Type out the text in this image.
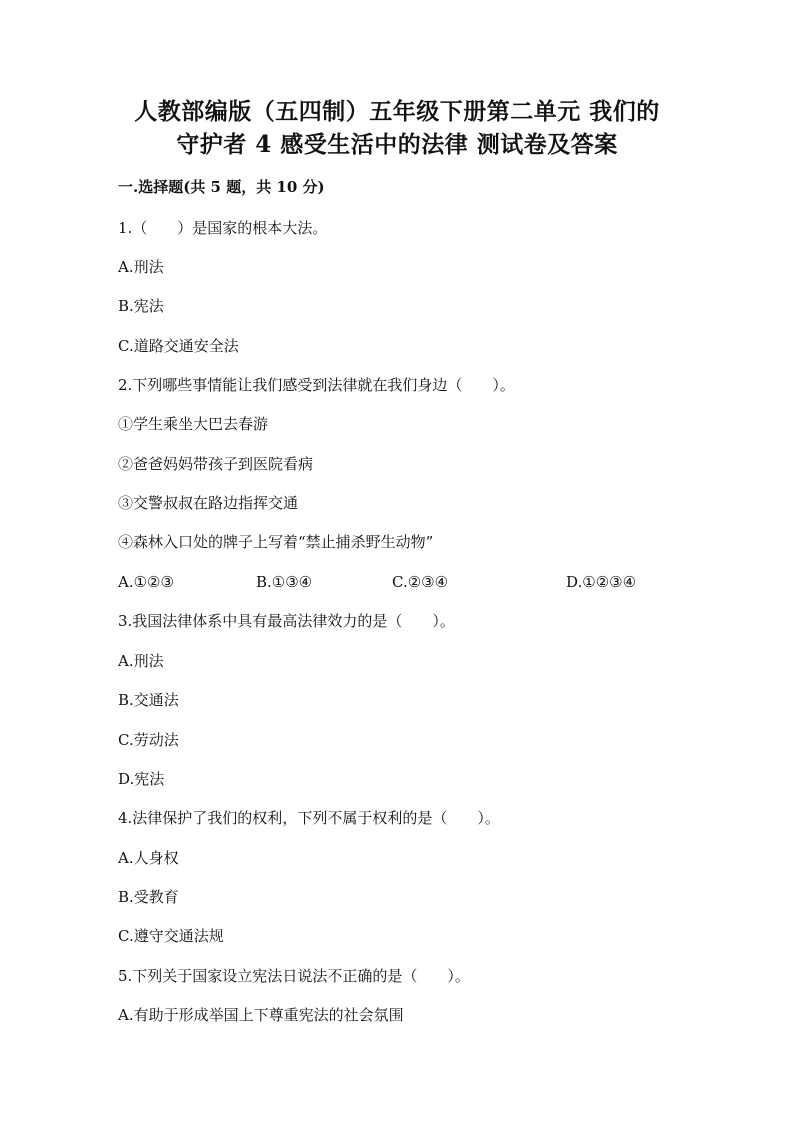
人教部编版（五四制）五年级下册第二单元 我们的
守护者 4 感受生活中的法律 测试卷及答案
一.选择题(共 5 题，共 10 分)
1.（　　）是国家的根本大法。
A.刑法
B.宪法
C.道路交通安全法
2.下列哪些事情能让我们感受到法律就在我们身边（　　）。
①学生乘坐大巴去春游
②爸爸妈妈带孩子到医院看病
③交警叔叔在路边指挥交通
④森林入口处的牌子上写着“禁止捕杀野生动物”
A.①②③	B.①③④	C.②③④	D.①②③④
3.我国法律体系中具有最高法律效力的是（　　）。
A.刑法
B.交通法
C.劳动法
D.宪法
4.法律保护了我们的权利，下列不属于权利的是（　　）。
A.人身权
B.受教育
C.遵守交通法规
5.下列关于国家设立宪法日说法不正确的是（　　）。
A.有助于形成举国上下尊重宪法的社会氛围
